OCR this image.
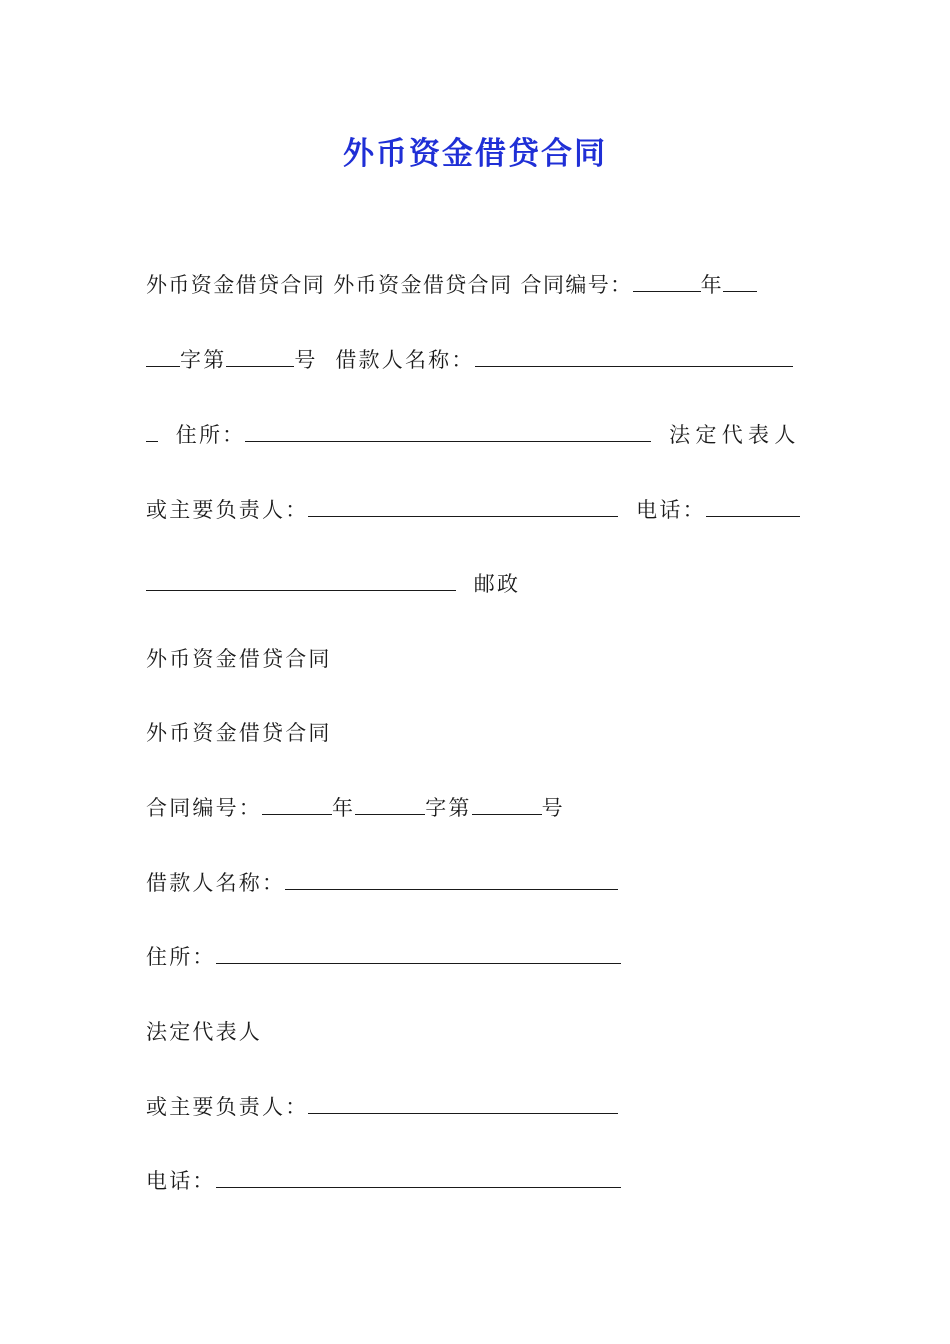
外币资金借贷合同
外币资金借贷合同 外币资金借贷合同 合同编号：	年
字第	号  借款人名称：
住所：	法定代表人
或主要负责人：	电话：
邮政
外币资金借贷合同
外币资金借贷合同
合同编号：	年	字第	号
借款人名称：
住所：
法定代表人
或主要负责人：
电话：
